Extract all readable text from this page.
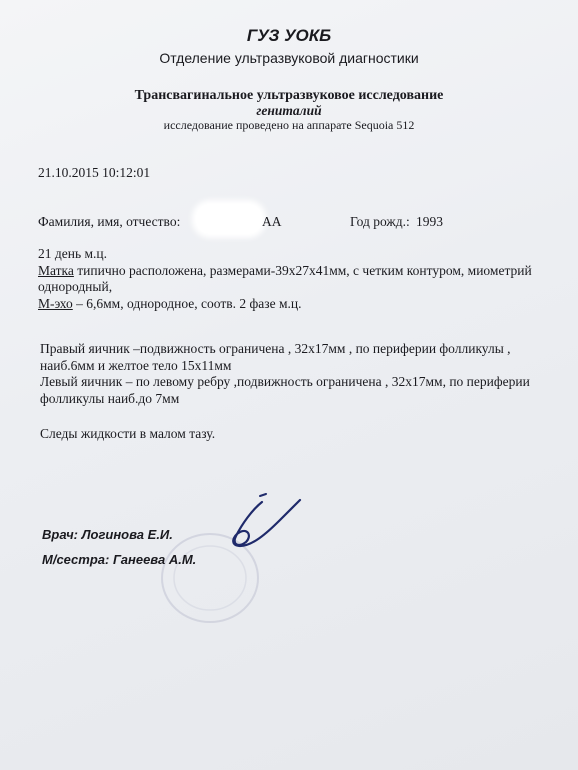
ГУЗ УОКБ
Отделение ультразвуковой диагностики
Трансвагинальное ультразвуковое исследование
гениталий
исследование проведено на аппарате Sequoia 512
21.10.2015 10:12:01
Фамилия, имя, отчество:	АА	Год рожд.: 1993
21 день м.ц.
Матка типично расположена, размерами-39х27х41мм, с четким контуром, миометрий
однородный,
М-эхо – 6,6мм, однородное, соотв. 2 фазе м.ц.
Правый яичник –подвижность ограничена , 32х17мм , по периферии фолликулы ,
наиб.6мм и желтое тело 15х11мм
Левый яичник – по левому ребру ,подвижность ограничена , 32х17мм, по периферии
фолликулы наиб.до 7мм
Следы жидкости в малом тазу.
Врач: Логинова Е.И.
М/сестра: Ганеева А.М.
